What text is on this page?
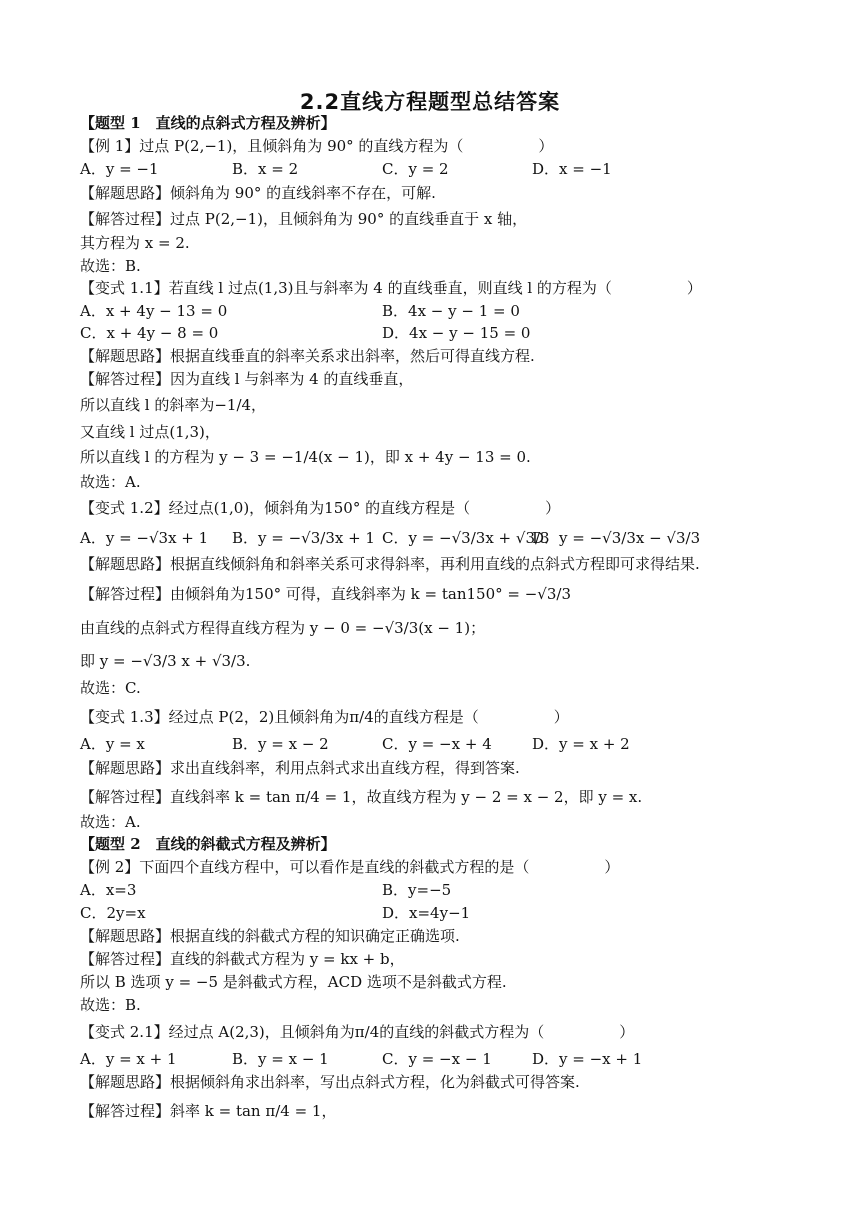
2.2直线方程题型总结答案
【题型 1　直线的点斜式方程及辨析】
【例 1】过点 P(2,−1)，且倾斜角为 90° 的直线方程为（　　　　　）
A．y = −1	B．x = 2	C．y = 2	D．x = −1
【解题思路】倾斜角为 90° 的直线斜率不存在，可解.
【解答过程】过点 P(2,−1)，且倾斜角为 90° 的直线垂直于 x 轴，
其方程为 x = 2.
故选：B.
【变式 1.1】若直线 l 过点(1,3)且与斜率为 4 的直线垂直，则直线 l 的方程为（　　　　　）
A．x + 4y − 13 = 0	B．4x − y − 1 = 0
C．x + 4y − 8 = 0	D．4x − y − 15 = 0
【解题思路】根据直线垂直的斜率关系求出斜率，然后可得直线方程.
【解答过程】因为直线 l 与斜率为 4 的直线垂直，
所以直线 l 的斜率为−1/4，
又直线 l 过点(1,3)，
所以直线 l 的方程为 y − 3 = −1/4(x − 1)，即 x + 4y − 13 = 0.
故选：A.
【变式 1.2】经过点(1,0)，倾斜角为150° 的直线方程是（　　　　　）
A．y = −√3x + 1 B．y = −√3/3x + 1 C．y = −√3/3x + √3/3
D．y = −√3/3x − √3/3
【解题思路】根据直线倾斜角和斜率关系可求得斜率，再利用直线的点斜式方程即可求得结果.
【解答过程】由倾斜角为150° 可得，直线斜率为 k = tan150° = −√3/3
由直线的点斜式方程得直线方程为 y − 0 = −√3/3(x − 1)；
即 y = −√3/3 x + √3/3.
故选：C.
【变式 1.3】经过点 P(2，2)且倾斜角为π/4的直线方程是（　　　　　）
A．y = x	B．y = x − 2	C．y = −x + 4	D．y = x + 2
【解题思路】求出直线斜率，利用点斜式求出直线方程，得到答案.
【解答过程】直线斜率 k = tan π/4 = 1，故直线方程为 y − 2 = x − 2，即 y = x.
故选：A.
【题型 2　直线的斜截式方程及辨析】
【例 2】下面四个直线方程中，可以看作是直线的斜截式方程的是（　　　　　）
A．x=3	B．y=−5
C．2y=x	D．x=4y−1
【解题思路】根据直线的斜截式方程的知识确定正确选项.
【解答过程】直线的斜截式方程为 y = kx + b，
所以 B 选项 y = −5 是斜截式方程，ACD 选项不是斜截式方程.
故选：B.
【变式 2.1】经过点 A(2,3)，且倾斜角为π/4的直线的斜截式方程为（　　　　　）
A．y = x + 1	B．y = x − 1	C．y = −x − 1	D．y = −x + 1
【解题思路】根据倾斜角求出斜率，写出点斜式方程，化为斜截式可得答案.
【解答过程】斜率 k = tan π/4 = 1，
